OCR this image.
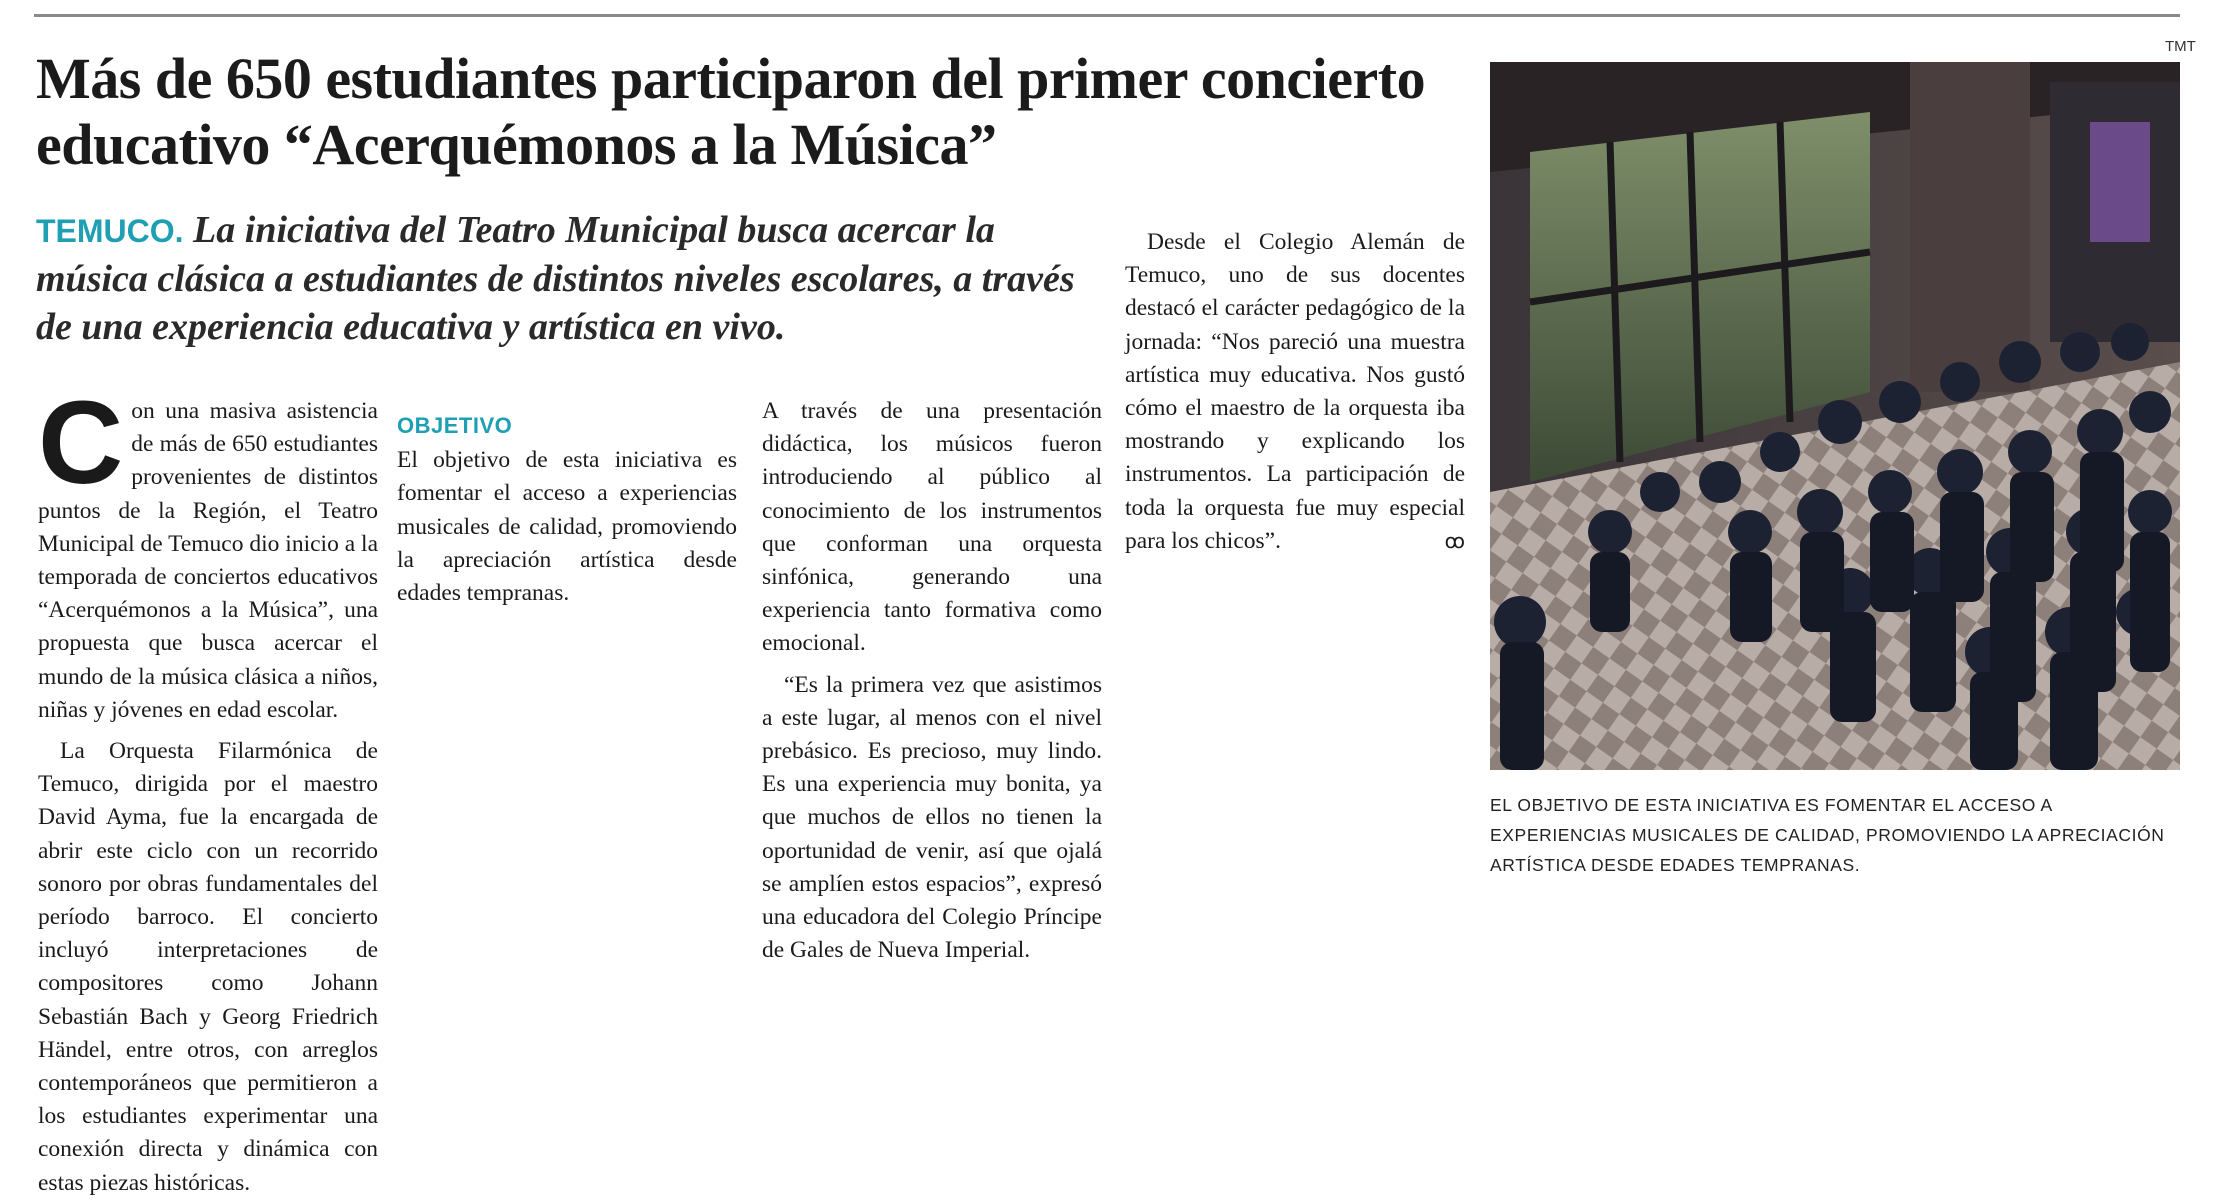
Más de 650 estudiantes participaron del primer concierto educativo “Acerquémonos a la Música”
TEMUCO. La iniciativa del Teatro Municipal busca acercar la música clásica a estudiantes de distintos niveles escolares, a través de una experiencia educativa y artística en vivo.

Con una masiva asistencia de más de 650 estudiantes provenientes de distintos puntos de la Región, el Teatro Municipal de Temuco dio inicio a la temporada de conciertos educativos “Acerquémonos a la Música”, una propuesta que busca acercar el mundo de la música clásica a niños, niñas y jóvenes en edad escolar.

La Orquesta Filarmónica de Temuco, dirigida por el maestro David Ayma, fue la encargada de abrir este ciclo con un recorrido sonoro por obras fundamentales del período barroco. El concierto incluyó interpretaciones de compositores como Johann Sebastián Bach y Georg Friedrich Händel, entre otros, con arreglos contemporáneos que permitieron a los estudiantes experimentar una conexión directa y dinámica con estas piezas históricas.

OBJETIVO

El objetivo de esta iniciativa es fomentar el acceso a experiencias musicales de calidad, promoviendo la apreciación artística desde edades tempranas.

A través de una presentación didáctica, los músicos fueron introduciendo al público al conocimiento de los instrumentos que conforman una orquesta sinfónica, generando una experiencia tanto formativa como emocional.

“Es la primera vez que asistimos a este lugar, al menos con el nivel prebásico. Es precioso, muy lindo. Es una experiencia muy bonita, ya que muchos de ellos no tienen la oportunidad de venir, así que ojalá se amplíen estos espacios”, expresó una educadora del Colegio Príncipe de Gales de Nueva Imperial.

Desde el Colegio Alemán de Temuco, uno de sus docentes destacó el carácter pedagógico de la jornada: “Nos pareció una muestra artística muy educativa. Nos gustó cómo el maestro de la orquesta iba mostrando y explicando los instrumentos. La participación de toda la orquesta fue muy especial para los chicos”.	ꝏ

TMT
EL OBJETIVO DE ESTA INICIATIVA ES FOMENTAR EL ACCESO A EXPERIENCIAS MUSICALES DE CALIDAD, PROMOVIENDO LA APRECIACIÓN ARTÍSTICA DESDE EDADES TEMPRANAS.
